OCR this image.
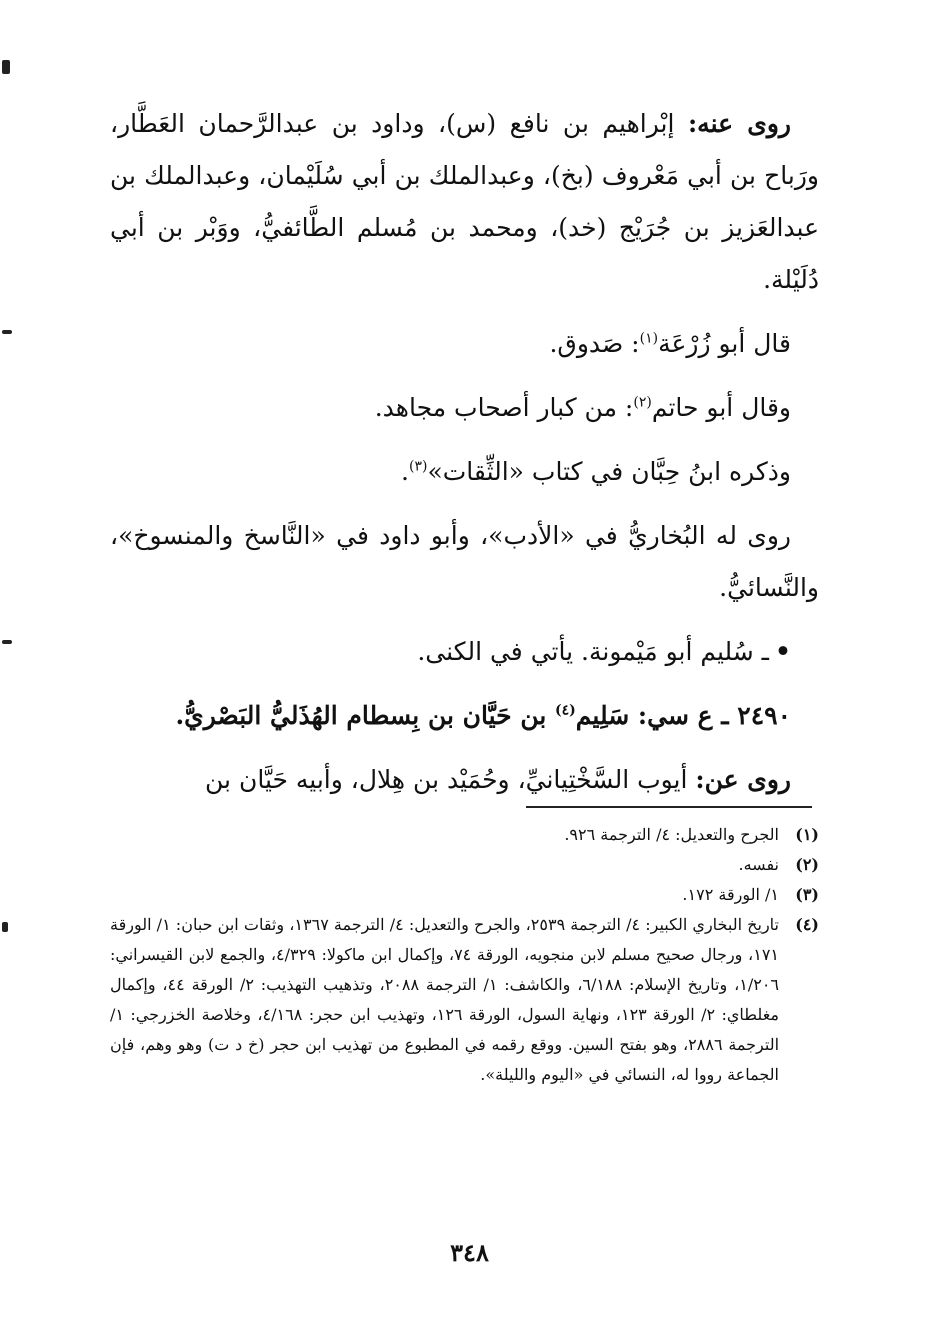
روى عنه: إبْراهيم بن نافع (س)، وداود بن عبدالرَّحمان العَطَّار، ورَباح بن أبي مَعْروف (بخ)، وعبدالملك بن أبي سُلَيْمان، وعبدالملك بن عبدالعَزيز بن جُرَيْج (خد)، ومحمد بن مُسلم الطَّائفيُّ، ووَبْر بن أبي دُلَيْلة.

قال أبو زُرْعَة$^{(١)}$: صَدوق.

وقال أبو حاتم$^{(٢)}$: من كبار أصحاب مجاهد.

وذكره ابنُ حِبَّان في كتاب «الثِّقات»$^{(٣)}$.

روى له البُخاريُّ في «الأدب»، وأبو داود في «النَّاسخ والمنسوخ»، والنَّسائيُّ.

•ـ سُليم أبو مَيْمونة. يأتي في الكنى.

٢٤٩٠ ـ ع سي: سَلِيم$^{(٤)}$ بن حَيَّان بن بِسطام الهُذَليُّ البَصْريُّ.

روى عن: أيوب السَّخْتِيانيِّ، وحُمَيْد بن هِلال، وأبيه حَيَّان بن

(١)
الجرح والتعديل: ٤/ الترجمة ٩٢٦.
(٢)
نفسه.
(٣)
١/ الورقة ١٧٢.
(٤)
تاريخ البخاري الكبير: ٤/ الترجمة ٢٥٣٩، والجرح والتعديل: ٤/ الترجمة ١٣٦٧، وثقات ابن حبان: ١/ الورقة ١٧١، ورجال صحيح مسلم لابن منجويه، الورقة ٧٤، وإكمال ابن ماكولا: ٤/٣٢٩، والجمع لابن القيسراني: ١/٢٠٦، وتاريخ الإسلام: ٦/١٨٨، والكاشف: ١/ الترجمة ٢٠٨٨، وتذهيب التهذيب: ٢/ الورقة ٤٤، وإكمال مغلطاي: ٢/ الورقة ١٢٣، ونهاية السول، الورقة ١٢٦، وتهذيب ابن حجر: ٤/١٦٨، وخلاصة الخزرجي: ١/ الترجمة ٢٨٨٦، وهو بفتح السين. ووقع رقمه في المطبوع من تهذيب ابن حجر (خ د ت) وهو وهم، فإن الجماعة رووا له، النسائي في «اليوم والليلة».
٣٤٨
